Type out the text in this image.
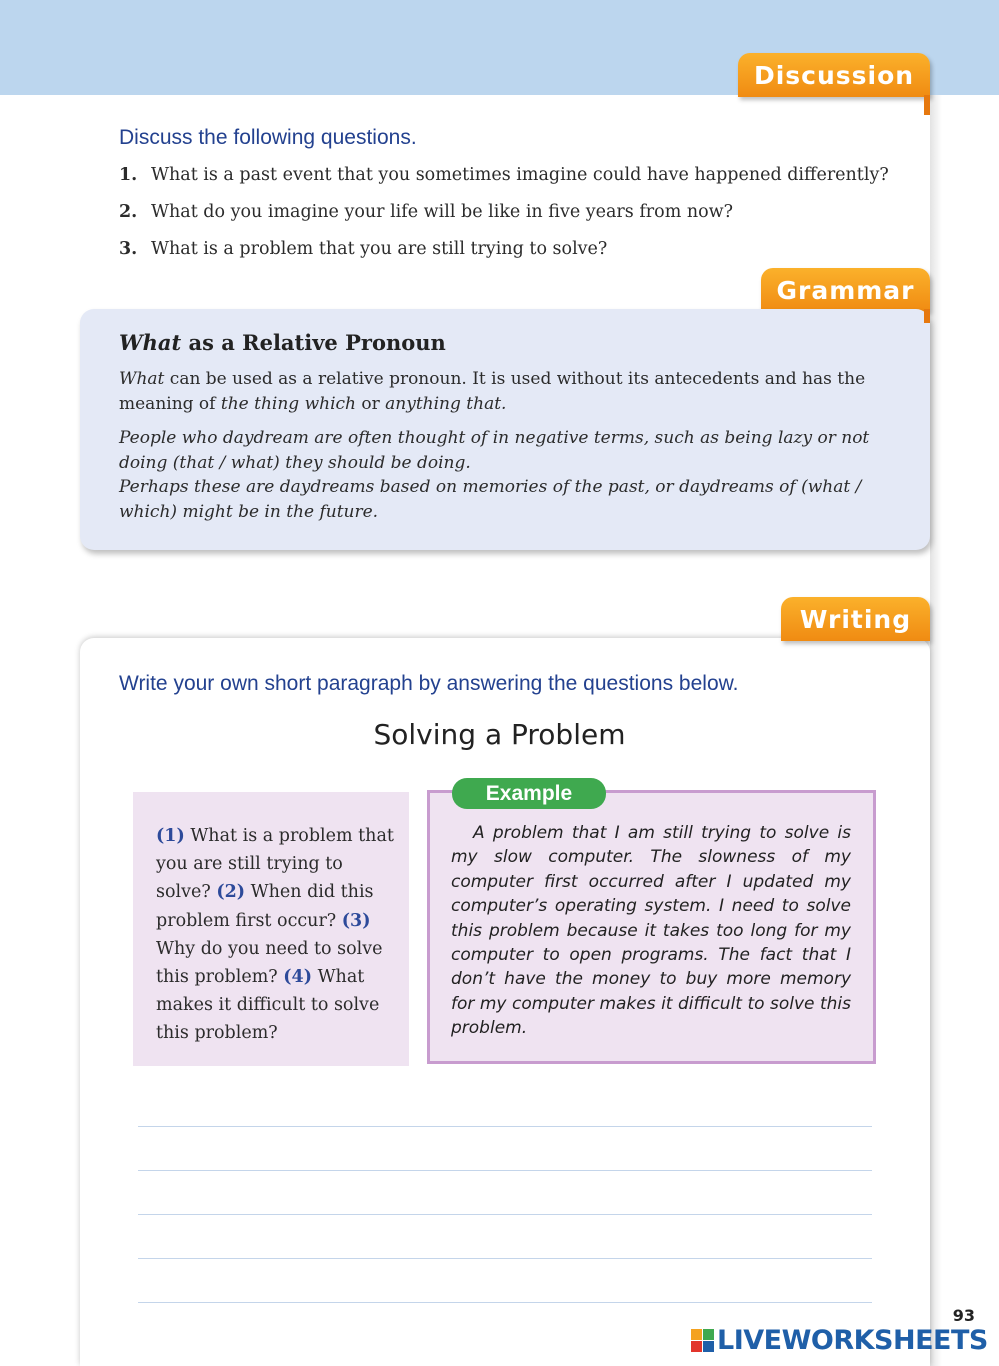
Discussion
Discuss the following questions.
1. What is a past event that you sometimes imagine could have happened differently?
2. What do you imagine your life will be like in five years from now?
3. What is a problem that you are still trying to solve?
Grammar
What as a Relative Pronoun
What can be used as a relative pronoun. It is used without its antecedents and has the meaning of the thing which or anything that.
People who daydream are often thought of in negative terms, such as being lazy or not doing (that / what) they should be doing.
Perhaps these are daydreams based on memories of the past, or daydreams of (what / which) might be in the future.
Writing
Write your own short paragraph by answering the questions below.
Solving a Problem
(1) What is a problem that you are still trying to solve? (2) When did this problem first occur? (3) Why do you need to solve this problem? (4) What makes it difficult to solve this problem?
Example
A problem that I am still trying to solve is my slow computer. The slowness of my computer first occurred after I updated my computer’s operating system. I need to solve this problem because it takes too long for my computer to open programs. The fact that I don’t have the money to buy more memory for my computer makes it difficult to solve this problem.
93
LIVEWORKSHEETS
